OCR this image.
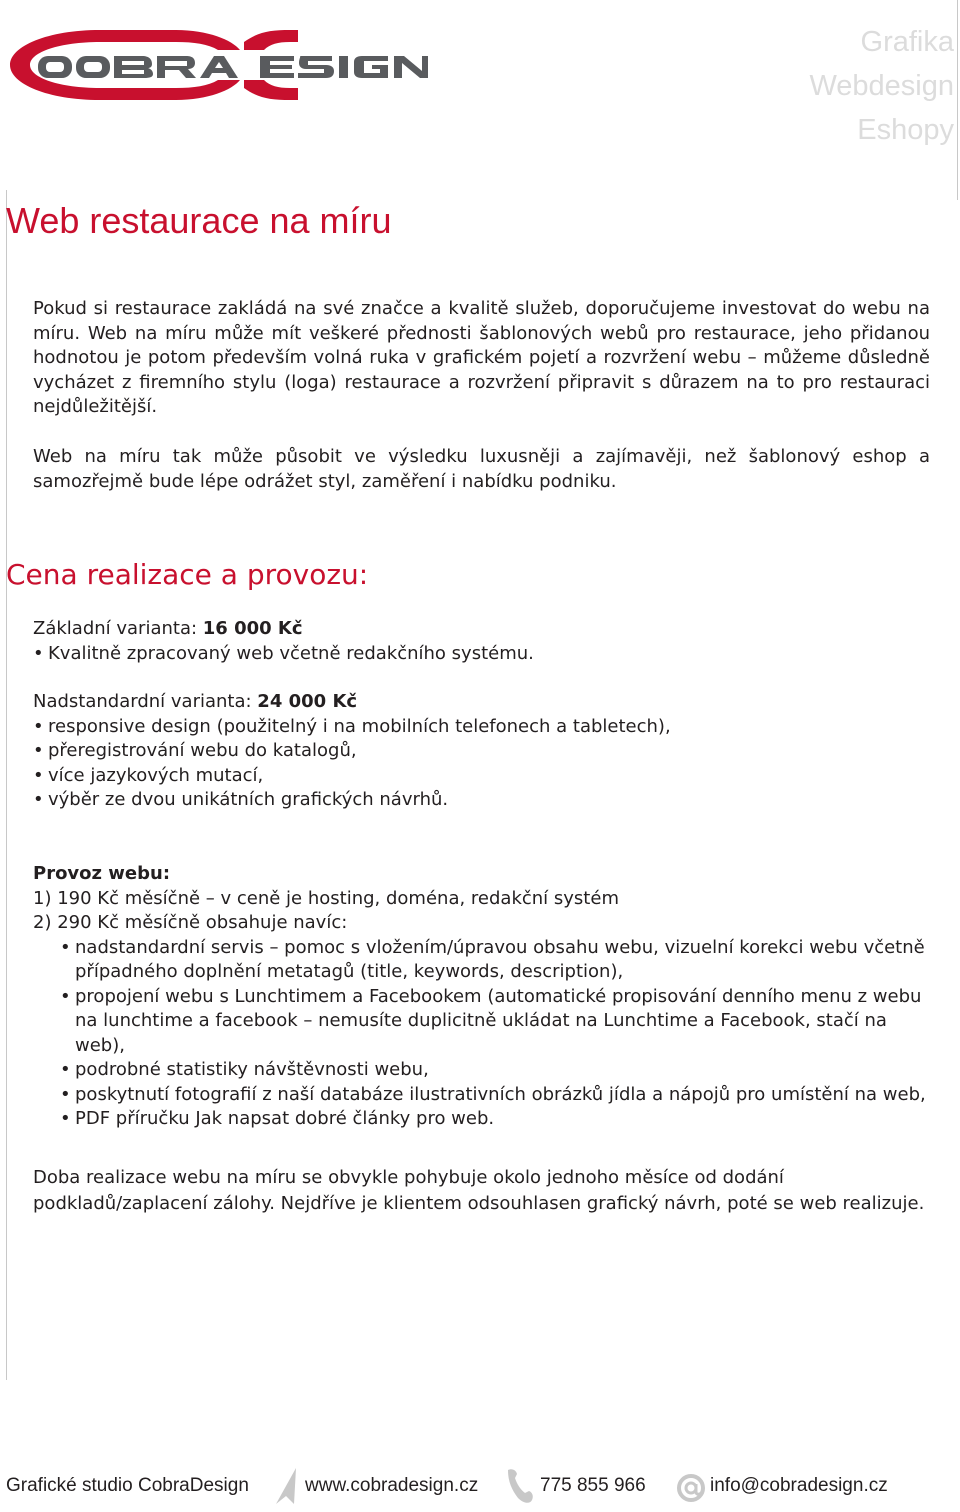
Grafika
Webdesign
Eshopy
Web restaurace na míru

Pokud si restaurace zakládá na své značce a kvalitě služeb, doporučujeme investovat do webu na míru. Web na míru může mít veškeré přednosti šablonových webů pro restaurace, jeho přidanou hodnotou je potom především volná ruka v grafickém pojetí a rozvržení webu – můžeme důsledně vycházet z firemního stylu (loga) restaurace a rozvržení připravit s důrazem na to pro restauraci nejdůležitější.

Web na míru tak může působit ve výsledku luxusněji a zajímavěji, než šablonový eshop a samozřejmě bude lépe odrážet styl, zaměření i nabídku podniku.

Cena realizace a provozu:
Základní varianta: 16 000 Kč
• Kvalitně zpracovaný web včetně redakčního systému.
Nadstandardní varianta: 24 000 Kč
• responsive design (použitelný i na mobilních telefonech a tabletech),
• přeregistrování webu do katalogů,
• více jazykových mutací,
• výběr ze dvou unikátních grafických návrhů.
Provoz webu:
1) 190 Kč měsíčně – v ceně je hosting, doména, redakční systém
2) 290 Kč měsíčně obsahuje navíc:
• nadstandardní servis – pomoc s vložením/úpravou obsahu webu, vizuelní korekci webu včetně případného doplnění metatagů (title, keywords, description),
• propojení webu s Lunchtimem a Facebookem (automatické propisování denního menu z webu na lunchtime a facebook – nemusíte duplicitně ukládat na Lunchtime a Facebook, stačí na web),
• podrobné statistiky návštěvnosti webu,
• poskytnutí fotografií z naší databáze ilustrativních obrázků jídla a nápojů pro umístění na web,
• PDF příručku Jak napsat dobré články pro web.
Doba realizace webu na míru se obvykle pohybuje okolo jednoho měsíce od dodání podkladů/zaplacení zálohy. Nejdříve je klientem odsouhlasen grafický návrh, poté se web realizuje.
Grafické studio CobraDesign	www.cobradesign.cz	775 855 966	info@cobradesign.cz
